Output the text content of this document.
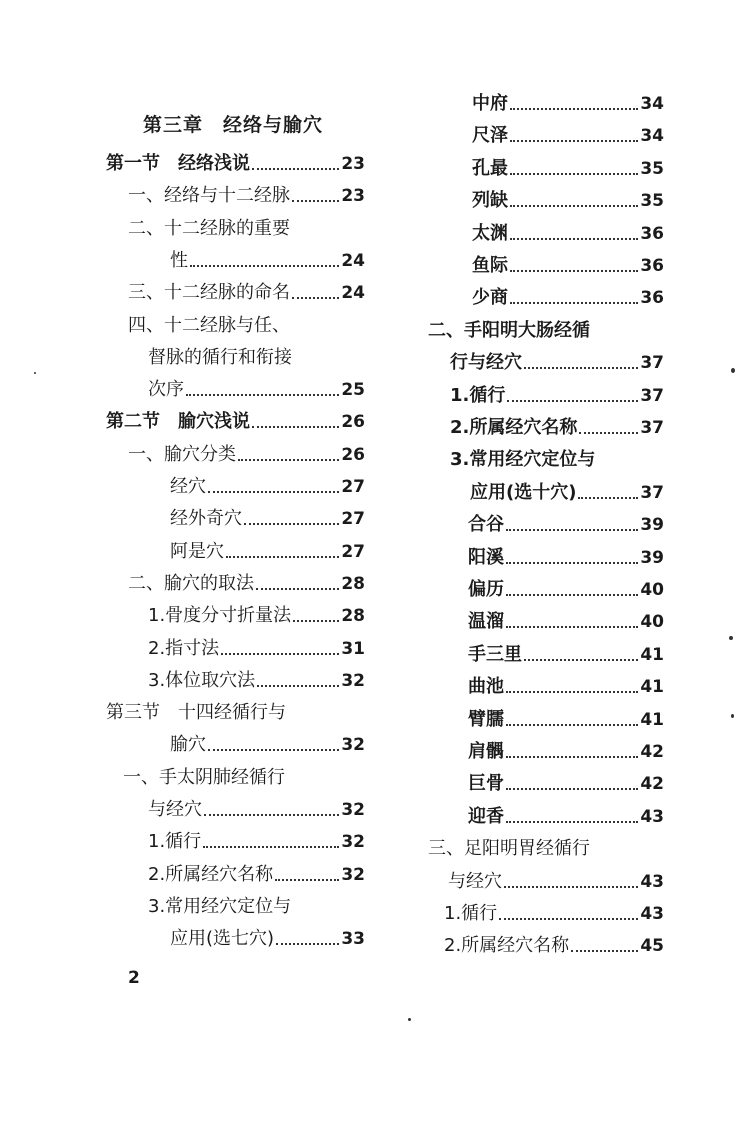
第三章　经络与腧穴
第一节　经络浅说	23
一、经络与十二经脉	23
二、十二经脉的重要
性	24
三、十二经脉的命名	24
四、十二经脉与任、
督脉的循行和衔接
次序	25
第二节　腧穴浅说	26
一、腧穴分类	26
经穴	27
经外奇穴	27
阿是穴	27
二、腧穴的取法	28
1.骨度分寸折量法	28
2.指寸法	31
3.体位取穴法	32
第三节　十四经循行与
腧穴	32
一、手太阴肺经循行
与经穴	32
1.循行	32
2.所属经穴名称	32
3.常用经穴定位与
应用(选七穴)	33
中府	34
尺泽	34
孔最	35
列缺	35
太渊	36
鱼际	36
少商	36
二、手阳明大肠经循
行与经穴	37
1.循行	37
2.所属经穴名称	37
3.常用经穴定位与
应用(选十穴)	37
合谷	39
阳溪	39
偏历	40
温溜	40
手三里	41
曲池	41
臂臑	41
肩髃	42
巨骨	42
迎香	43
三、足阳明胃经循行
与经穴	43
1.循行	43
2.所属经穴名称	45
2
